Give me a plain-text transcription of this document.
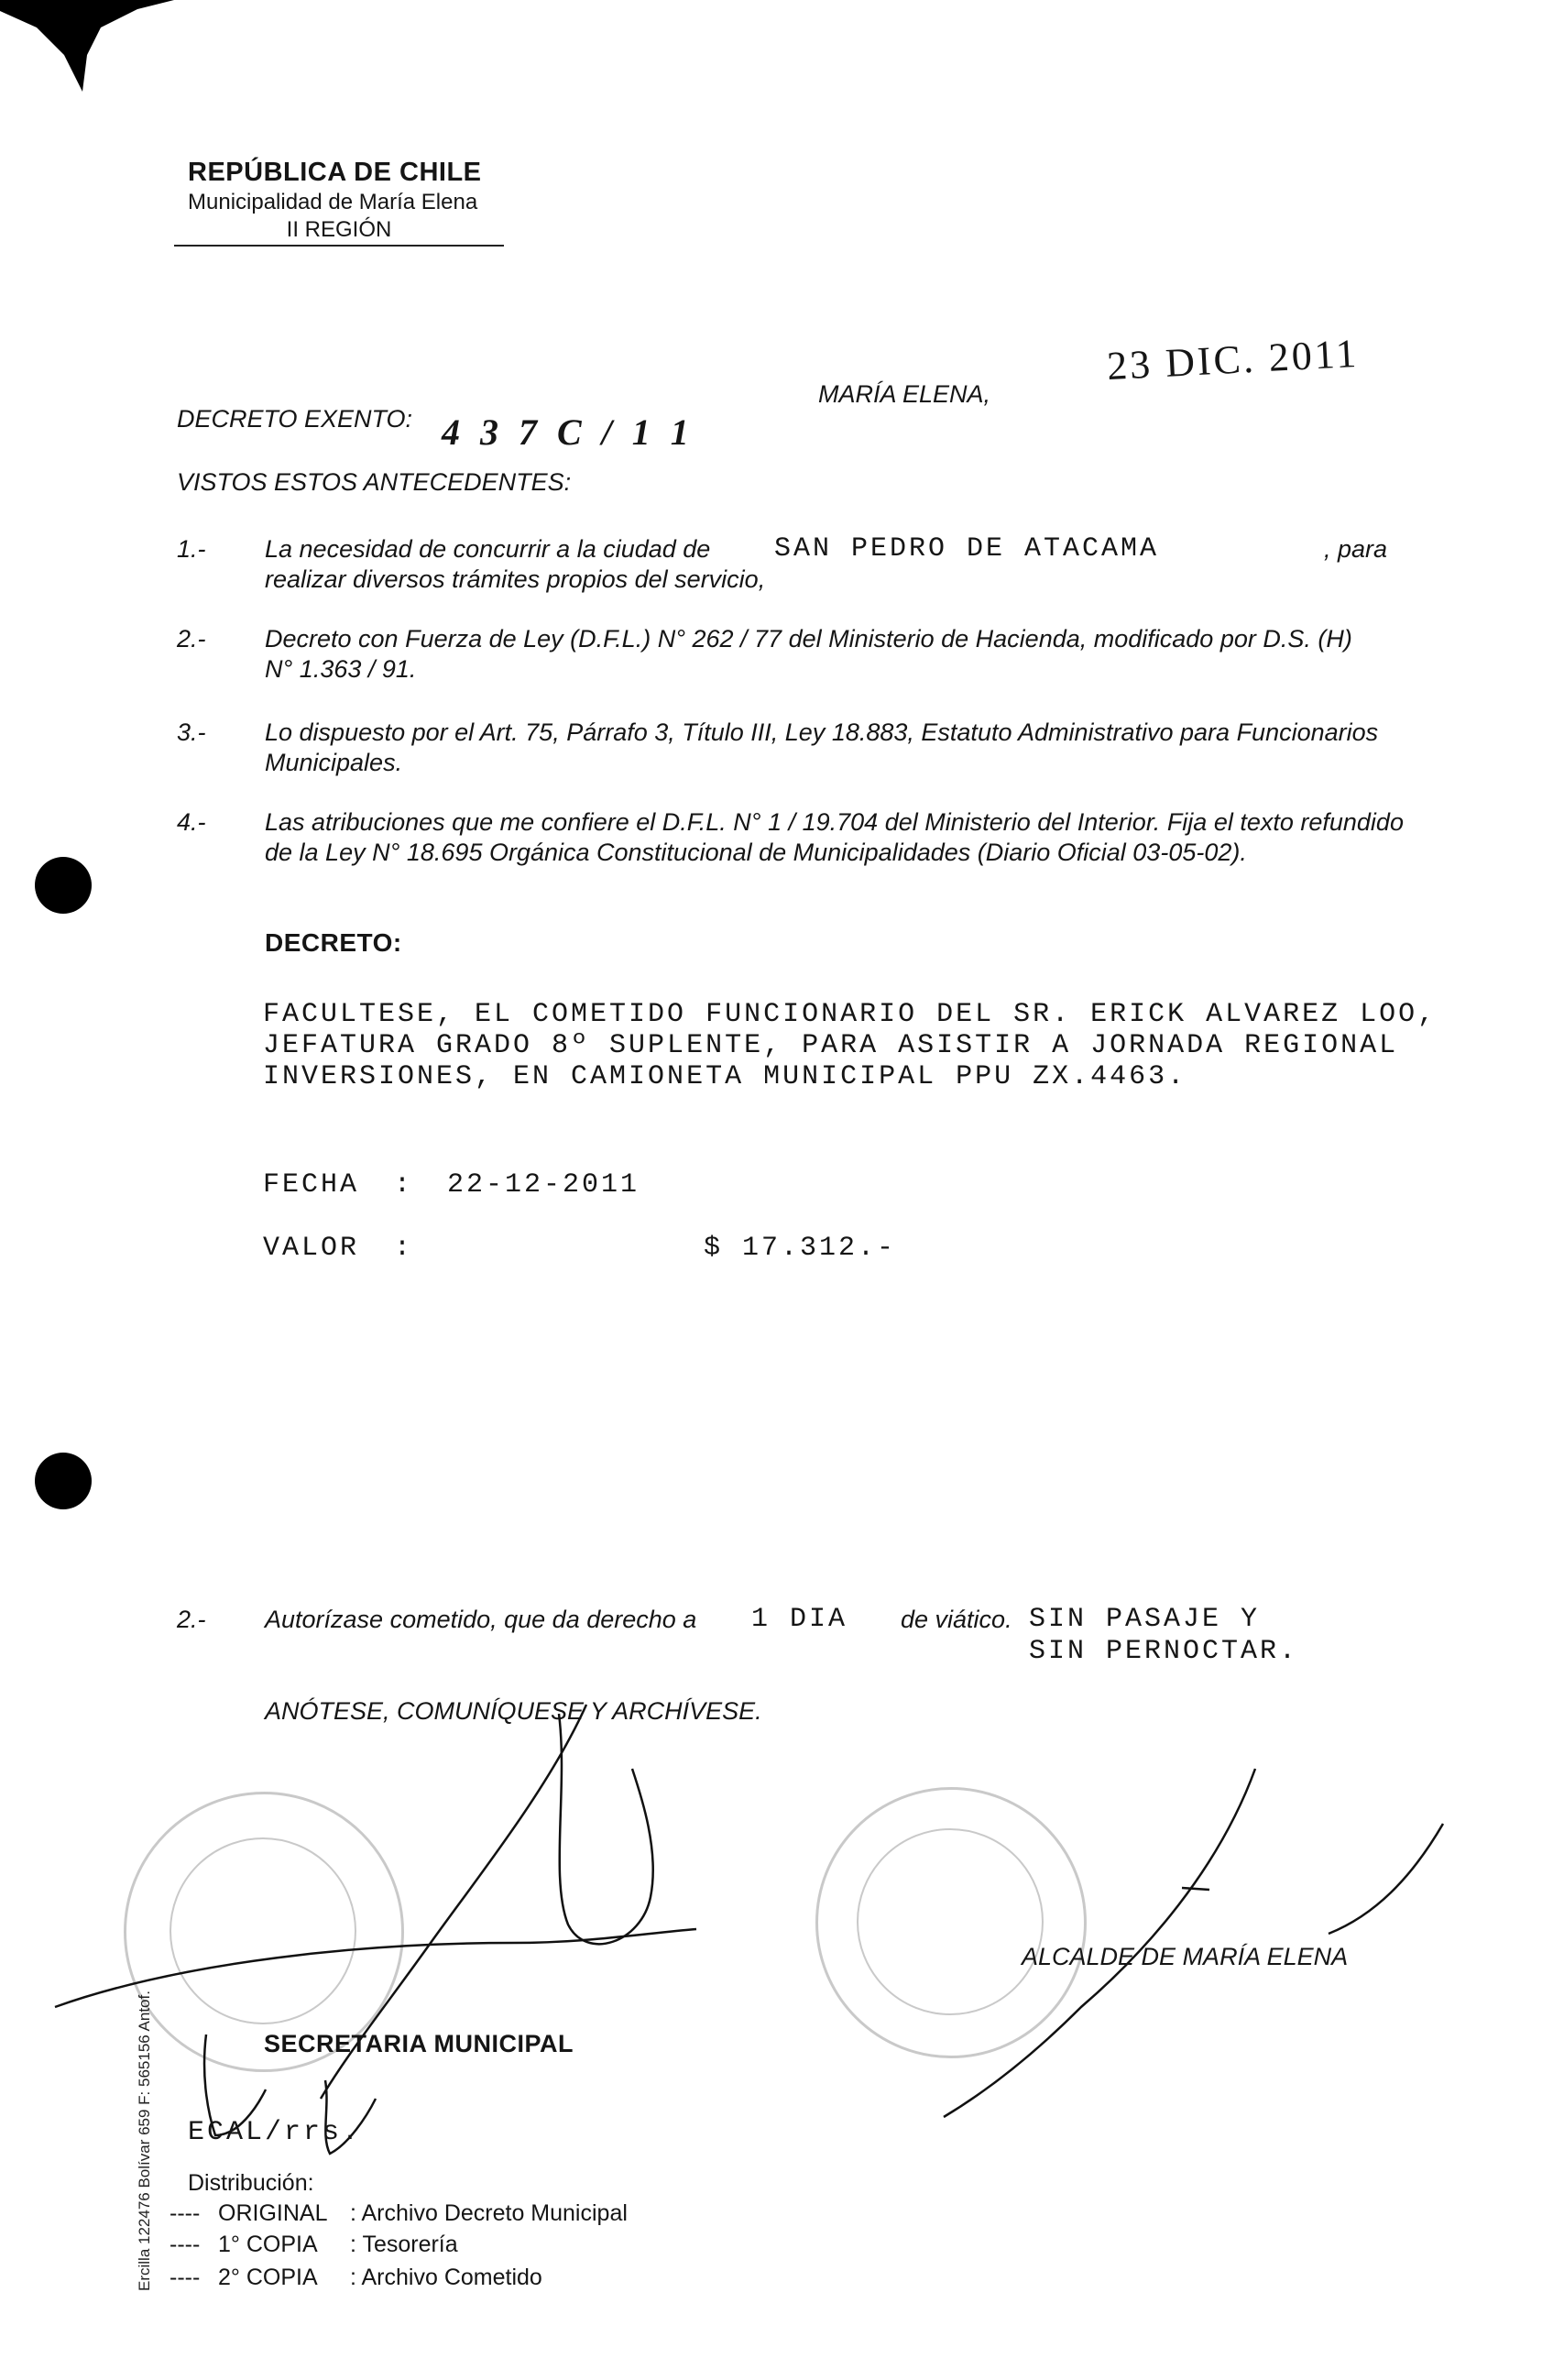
REPÚBLICA DE CHILE
Municipalidad de María Elena
II REGIÓN
DECRETO EXENTO: 4 3 7 C / 1 1
MARÍA ELENA,
23 DIC. 2011
VISTOS ESTOS ANTECEDENTES:
1.- La necesidad de concurrir a la ciudad de SAN PEDRO DE ATACAMA	, para
realizar diversos trámites propios del servicio,
2.- Decreto con Fuerza de Ley (D.F.L.) N° 262 / 77 del Ministerio de Hacienda, modificado por D.S. (H)
N° 1.363 / 91.
3.- Lo dispuesto por el Art. 75, Párrafo 3, Título III, Ley 18.883, Estatuto Administrativo para Funcionarios
Municipales.
4.- Las atribuciones que me confiere el D.F.L. N° 1 / 19.704 del Ministerio del Interior. Fija el texto refundido
de la Ley N° 18.695 Orgánica Constitucional de Municipalidades (Diario Oficial 03-05-02).
DECRETO:
FACULTESE, EL COMETIDO FUNCIONARIO DEL SR. ERICK ALVAREZ LOO,
JEFATURA GRADO 8º SUPLENTE, PARA ASISTIR A JORNADA REGIONAL
INVERSIONES, EN CAMIONETA MUNICIPAL PPU ZX.4463.
FECHA : 22-12-2011
VALOR :	$ 17.312.-
2.- Autorízase cometido, que da derecho a 1 DIA de viático. SIN PASAJE Y
SIN PERNOCTAR.
ANÓTESE, COMUNÍQUESE Y ARCHÍVESE.
ALCALDE DE MARÍA ELENA
SECRETARIA MUNICIPAL
ECAL/rrs.
Distribución:
---- ORIGINAL : Archivo Decreto Municipal
---- 1° COPIA : Tesorería
---- 2° COPIA : Archivo Cometido
Ercilla 122476 Bolívar 659 F: 565156 Antof.
